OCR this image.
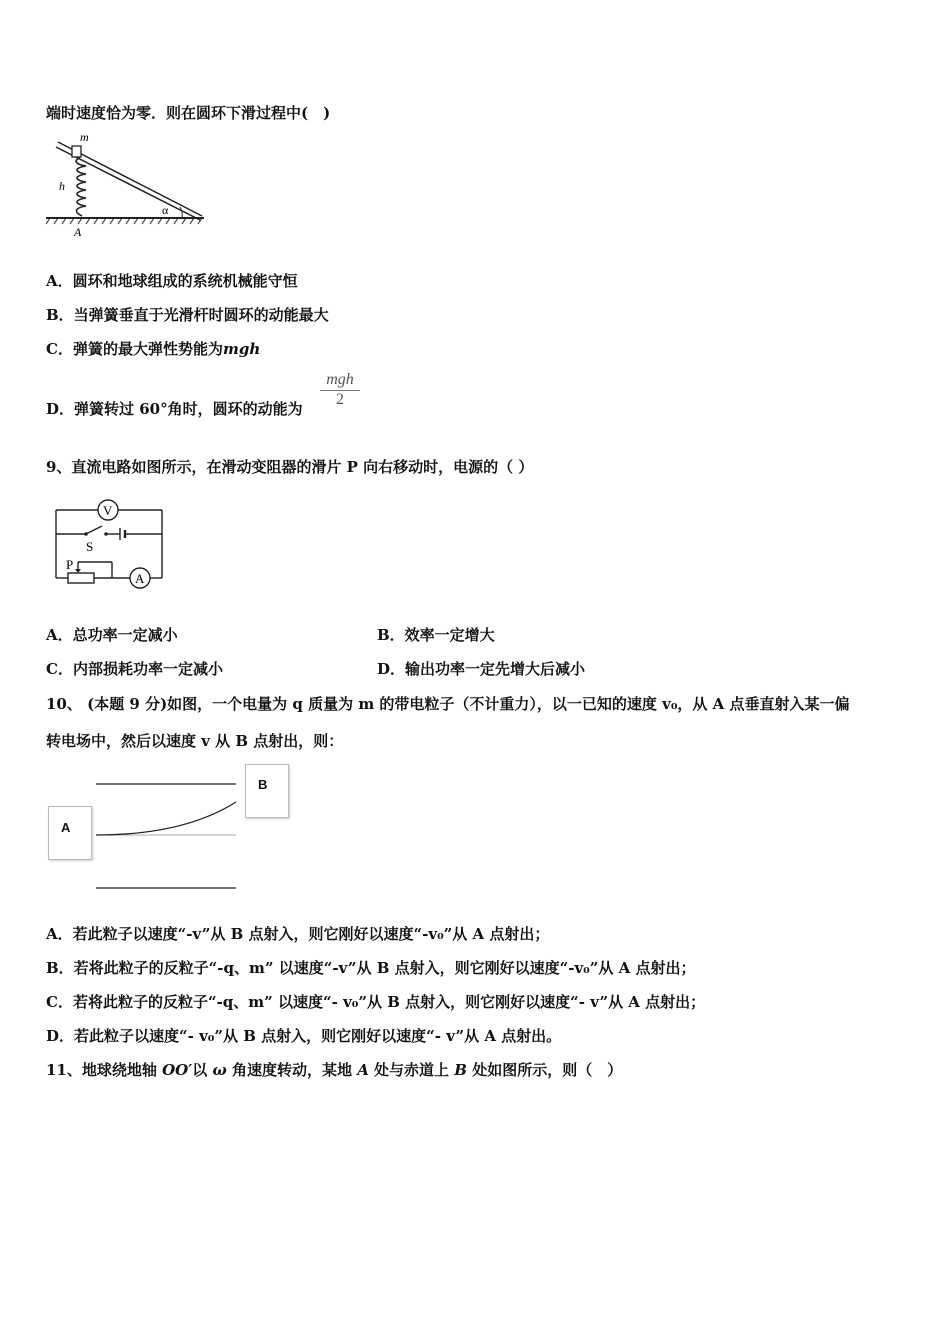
端时速度恰为零．则在圆环下滑过程中(　)
m
h
A
α
A．圆环和地球组成的系统机械能守恒
B．当弹簧垂直于光滑杆时圆环的动能最大
C．弹簧的最大弹性势能为mgh
D．弹簧转过 60°角时，圆环的动能为
mgh
2
9、直流电路如图所示，在滑动变阻器的滑片 P 向右移动时，电源的（ ）
V
S
P
A
A．总功率一定减小	B．效率一定增大
C．内部损耗功率一定减小	D．输出功率一定先增大后减小
10、 (本题 9 分)如图，一个电量为 q 质量为 m 的带电粒子（不计重力），以一已知的速度 v₀，从 A 点垂直射入某一偏
转电场中，然后以速度 v 从 B 点射出，则：
A
B
A．若此粒子以速度“-v”从 B 点射入，则它刚好以速度“-v₀”从 A 点射出；
B．若将此粒子的反粒子“-q、m” 以速度“-v”从 B 点射入，则它刚好以速度“-v₀”从 A 点射出；
C．若将此粒子的反粒子“-q、m” 以速度“- v₀”从 B 点射入，则它刚好以速度“- v”从 A 点射出；
D．若此粒子以速度“- v₀”从 B 点射入，则它刚好以速度“- v”从 A 点射出。
11、地球绕地轴 OO′以 ω 角速度转动，某地 A 处与赤道上 B 处如图所示，则（　）
